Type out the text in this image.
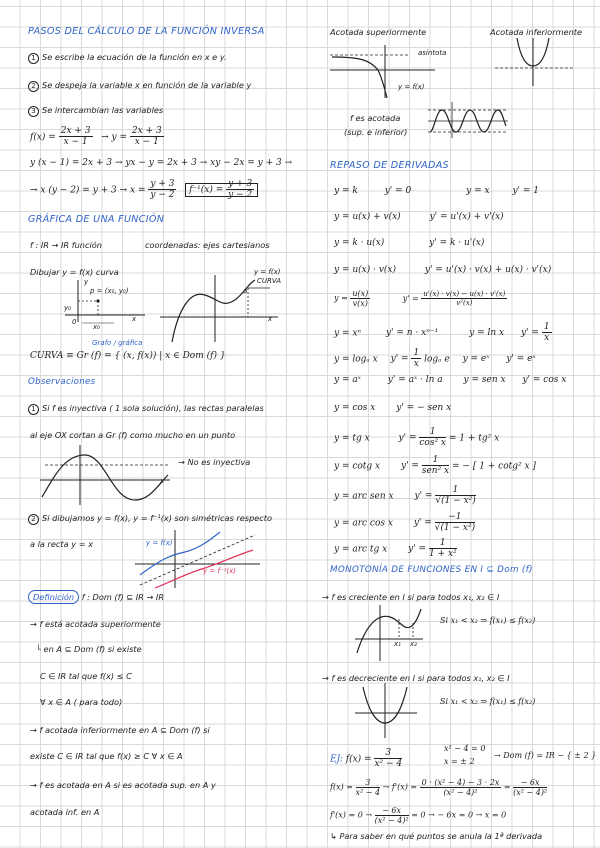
PASOS DEL CÁLCULO DE LA FUNCIÓN INVERSA
1 Se escribe la ecuación de la función en x e y.
2 Se despeja la variable x en función de la variable y
3 Se intercambian las variables
$f(x) = \frac{2x + 3}{x - 1} \to y = \frac{2x + 3}{x - 1}$
y (x − 1) = 2x + 3 → yx − y = 2x + 3 → xy − 2x = y + 3 →
→ x $(y - 2) = y + 3 \to x = \frac{y + 3}{y - 2} f^{-1}(x) = \frac{y + 3}{y - 2}$
GRÁFICA DE UNA FUNCIÓN
f : IR → IR función	coordenadas: ejes cartesianos
Dibujar y = f(x) curva
p = (x₀, y₀)
y₀
x₀
0	x
y
y = f(x)
CURVA
a
x
Grafo / gráfica
CURVA ≡ Gr (f) = { (x, f(x)) | x ∈ Dom (f) }
Observaciones
1 Si f es inyectiva ( 1 sola solución), las rectas paralelas
al eje OX cortan a Gr (f) como mucho en un punto
x
→ No es inyectiva
2 Si dibujamos y = f(x), y = f⁻¹(x) son simétricas respecto
a la recta y = x	y = f(x)
y = f⁻¹(x)
Definición f : Dom (f) ⊆ IR → IR
→ f está acotada superiormente
└ en A ⊆ Dom (f) si existe
C ∈ IR tal que f(x) ≤ C
∀ x ∈ A ( para todo)
→ f acotada inferiormente en A ⊆ Dom (f) si
existe C ∈ IR tal que f(x) ≥ C ∀ x ∈ A
→ f es acotada en A si es acotada sup. en A y
acotada inf. en A
Acotada superiormente	Acotada inferiormente
asíntota
y = f(x)
f es acotada
(sup. e inferior)
REPASO DE DERIVADAS
y = k	y' = 0	y = x	y' = 1
y = u(x) + v(x)	y' = u'(x) + v'(x)
y = k · u(x)	y' = k · u'(x)
y = u(x) · v(x)	y' = u'(x) · v(x) + u(x) · v'(x)
$y = \frac{u(x)}{v(x)}$	$y' = \frac{u'(x) \cdot v(x) - u(x) \cdot v'(x)}{\text{v²(x)}}$
y = xⁿ	y' = n · xⁿ⁻¹	y = ln x $y' = \frac{1}{x}$
y = logₐ x $y' = \frac{1}{x}$ logₐ e y = eˣ y' = eˣ
y = aˣ	y' = aˣ · ln a y = sen x y' = cos x
y = cos x y' = − sen x
y = tg x	$y' = \frac{1}{\text{cos² x}} = 1 + tg^2$ x
y = cotg x $y' = \frac{1}{\text{sen² x}}$ = − [ 1 + cotg² x ]
y = arc sen x $y' = \frac{1}{\text{√(1 − x²)}}$
y = arc cos x $y' = \frac{-1}{\text{√(1 − x²)}}$
y = arc tg x $y' = \frac{1}{\text{1 + x²}}$
MONOTONÍA DE FUNCIONES EN I ⊆ Dom (f)
→ f es creciente en I si para todos x₁, x₂ ∈ I
Si x₁ < x₂ ⇒ f(x₁) ≤ f(x₂)
x₁ x₂
→ f es decreciente en I si para todos x₁, x₂ ∈ I
Si x₁ < x₂ ⇒ f(x₁) ≤ f(x₂)
EJ: $f(x) = \frac{3}{\text{x² − 4}}$	x² − 4 = 0
x = ± 2
→ Dom (f) = IR − { ± 2 }
$f(x) = \frac{3}{\text{x² − 4}} \to f'(x) = \frac{\text{0 · (x² − 4) − 3 · 2x}}{\text{(x² − 4)²}} = \frac{- 6x}{\text{(x² − 4)²}}$
$f'(x) = 0 \to \frac{- 6x}{\text{(x² − 4)²}} = 0$ → − 6x = 0 → x = 0
↳ Para saber en qué puntos se anula la 1ª derivada
